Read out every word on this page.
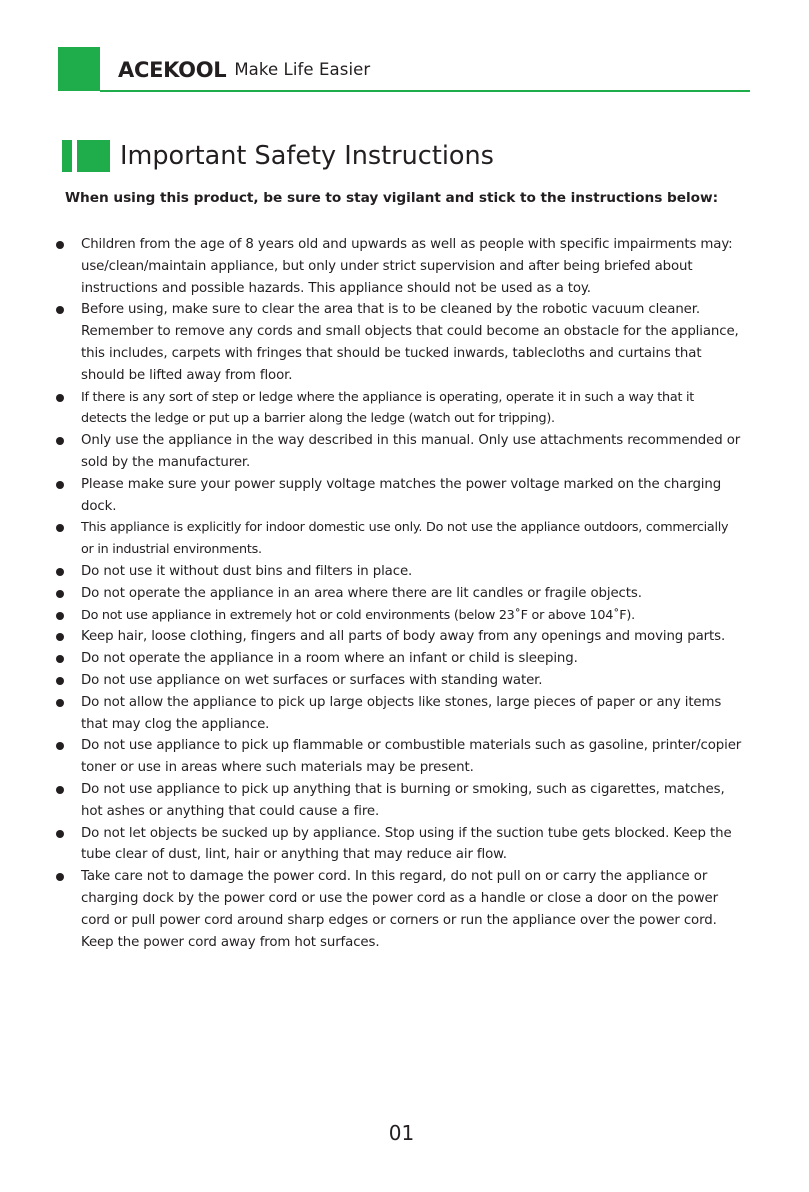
ACEKOOL Make Life Easier
Important Safety Instructions

When using this product, be sure to stay vigilant and stick to the instructions below:

Children from the age of 8 years old and upwards as well as people with specific impairments may: use/clean/maintain appliance, but only under strict supervision and after being briefed about instructions and possible hazards. This appliance should not be used as a toy.
Before using, make sure to clear the area that is to be cleaned by the robotic vacuum cleaner. Remember to remove any cords and small objects that could become an obstacle for the appliance, this includes, carpets with fringes that should be tucked inwards, tablecloths and curtains that should be lifted away from floor.
If there is any sort of step or ledge where the appliance is operating, operate it in such a way that it detects the ledge or put up a barrier along the ledge (watch out for tripping).
Only use the appliance in the way described in this manual. Only use attachments recommended or sold by the manufacturer.
Please make sure your power supply voltage matches the power voltage marked on the charging dock.
This appliance is explicitly for indoor domestic use only. Do not use the appliance outdoors, commercially or in industrial environments.
Do not use it without dust bins and filters in place.
Do not operate the appliance in an area where there are lit candles or fragile objects.
Do not use appliance in extremely hot or cold environments (below 23˚F or above 104˚F).
Keep hair, loose clothing, fingers and all parts of body away from any openings and moving parts.
Do not operate the appliance in a room where an infant or child is sleeping.
Do not use appliance on wet surfaces or surfaces with standing water.
Do not allow the appliance to pick up large objects like stones, large pieces of paper or any items that may clog the appliance.
Do not use appliance to pick up flammable or combustible materials such as gasoline, printer/copier toner or use in areas where such materials may be present.
Do not use appliance to pick up anything that is burning or smoking, such as cigarettes, matches, hot ashes or anything that could cause a fire.
Do not let objects be sucked up by appliance. Stop using if the suction tube gets blocked. Keep the tube clear of dust, lint, hair or anything that may reduce air flow.
Take care not to damage the power cord. In this regard, do not pull on or carry the appliance or charging dock by the power cord or use the power cord as a handle or close a door on the power cord or pull power cord around sharp edges or corners or run the appliance over the power cord. Keep the power cord away from hot surfaces.
01
